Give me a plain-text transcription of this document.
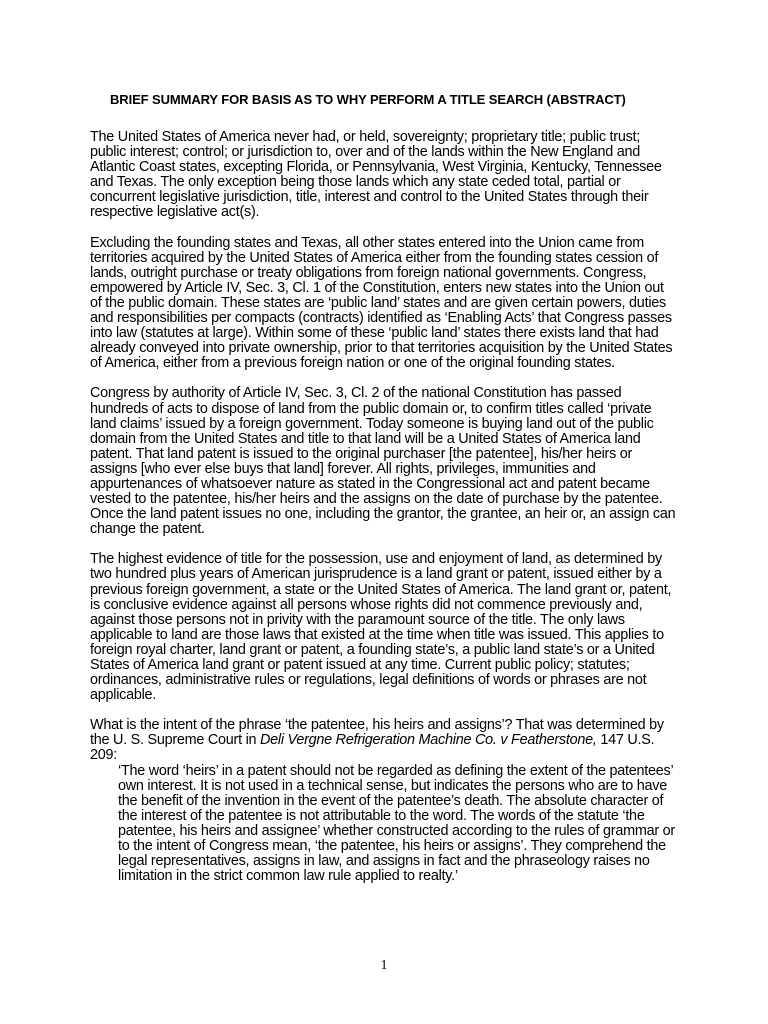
BRIEF SUMMARY FOR BASIS AS TO WHY PERFORM A TITLE SEARCH (ABSTRACT)

The United States of America never had, or held, sovereignty; proprietary title; public trust; public interest; control; or jurisdiction to, over and of the lands within the New England and Atlantic Coast states, excepting Florida, or Pennsylvania, West Virginia, Kentucky, Tennessee and Texas. The only exception being those lands which any state ceded total, partial or concurrent legislative jurisdiction, title, interest and control to the United States through their respective legislative act(s).

Excluding the founding states and Texas, all other states entered into the Union came from territories acquired by the United States of America either from the founding states cession of lands, outright purchase or treaty obligations from foreign national governments. Congress, empowered by Article IV, Sec. 3, Cl. 1 of the Constitution, enters new states into the Union out of the public domain. These states are ‘public land’ states and are given certain powers, duties and responsibilities per compacts (contracts) identified as ‘Enabling Acts’ that Congress passes into law (statutes at large). Within some of these ‘public land’ states there exists land that had already conveyed into private ownership, prior to that territories acquisition by the United States of America, either from a previous foreign nation or one of the original founding states.

Congress by authority of Article IV, Sec. 3, Cl. 2 of the national Constitution has passed hundreds of acts to dispose of land from the public domain or, to confirm titles called ‘private land claims’ issued by a foreign government. Today someone is buying land out of the public domain from the United States and title to that land will be a United States of America land patent. That land patent is issued to the original purchaser [the patentee], his/her heirs or assigns [who ever else buys that land] forever. All rights, privileges, immunities and appurtenances of whatsoever nature as stated in the Congressional act and patent became vested to the patentee, his/her heirs and the assigns on the date of purchase by the patentee. Once the land patent issues no one, including the grantor, the grantee, an heir or, an assign can change the patent.

The highest evidence of title for the possession, use and enjoyment of land, as determined by two hundred plus years of American jurisprudence is a land grant or patent, issued either by a previous foreign government, a state or the United States of America. The land grant or, patent, is conclusive evidence against all persons whose rights did not commence previously and, against those persons not in privity with the paramount source of the title. The only laws applicable to land are those laws that existed at the time when title was issued. This applies to foreign royal charter, land grant or patent, a founding state’s, a public land state’s or a United States of America land grant or patent issued at any time. Current public policy; statutes; ordinances, administrative rules or regulations, legal definitions of words or phrases are not applicable.

What is the intent of the phrase ‘the patentee, his heirs and assigns’? That was determined by the U. S. Supreme Court in Deli Vergne Refrigeration Machine Co. v Featherstone, 147 U.S. 209:

‘The word ‘heirs’ in a patent should not be regarded as defining the extent of the patentees’ own interest. It is not used in a technical sense, but indicates the persons who are to have the benefit of the invention in the event of the patentee’s death. The absolute character of the interest of the patentee is not attributable to the word. The words of the statute ‘the patentee, his heirs and assignee’ whether constructed according to the rules of grammar or to the intent of Congress mean, ‘the patentee, his heirs or assigns’. They comprehend the legal representatives, assigns in law, and assigns in fact and the phraseology raises no limitation in the strict common law rule applied to realty.’

1
